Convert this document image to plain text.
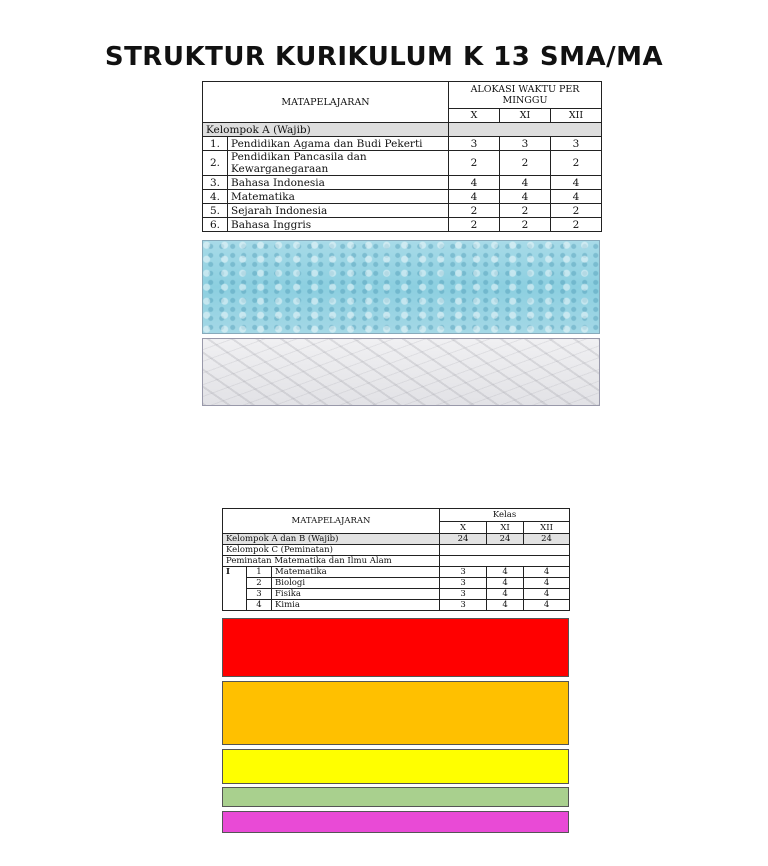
STRUKTUR KURIKULUM K 13 SMA/MA
MATAPELAJARAN		ALOKASI WAKTU PER MINGGU		
		X	XI	XII
Kelompok A (Wajib)				
1.	Pendidikan Agama dan Budi Pekerti	3	3	3
2.	Pendidikan Pancasila dan Kewarganegaraan	2	2	2
3.	Bahasa Indonesia	4	4	4
4.	Matematika	4	4	4
5.	Sejarah Indonesia	2	2	2
6.	Bahasa Inggris	2	2	2
MATAPELAJARAN			Kelas		
			X	XI	XII
Kelompok A dan B (Wajib)			24	24	24
Kelompok C (Peminatan)					
Peminatan Matematika dan Ilmu Alam					
I	1	Matematika	3	4	4
	2	Biologi	3	4	4
	3	Fisika	3	4	4
	4	Kimia	3	4	4
